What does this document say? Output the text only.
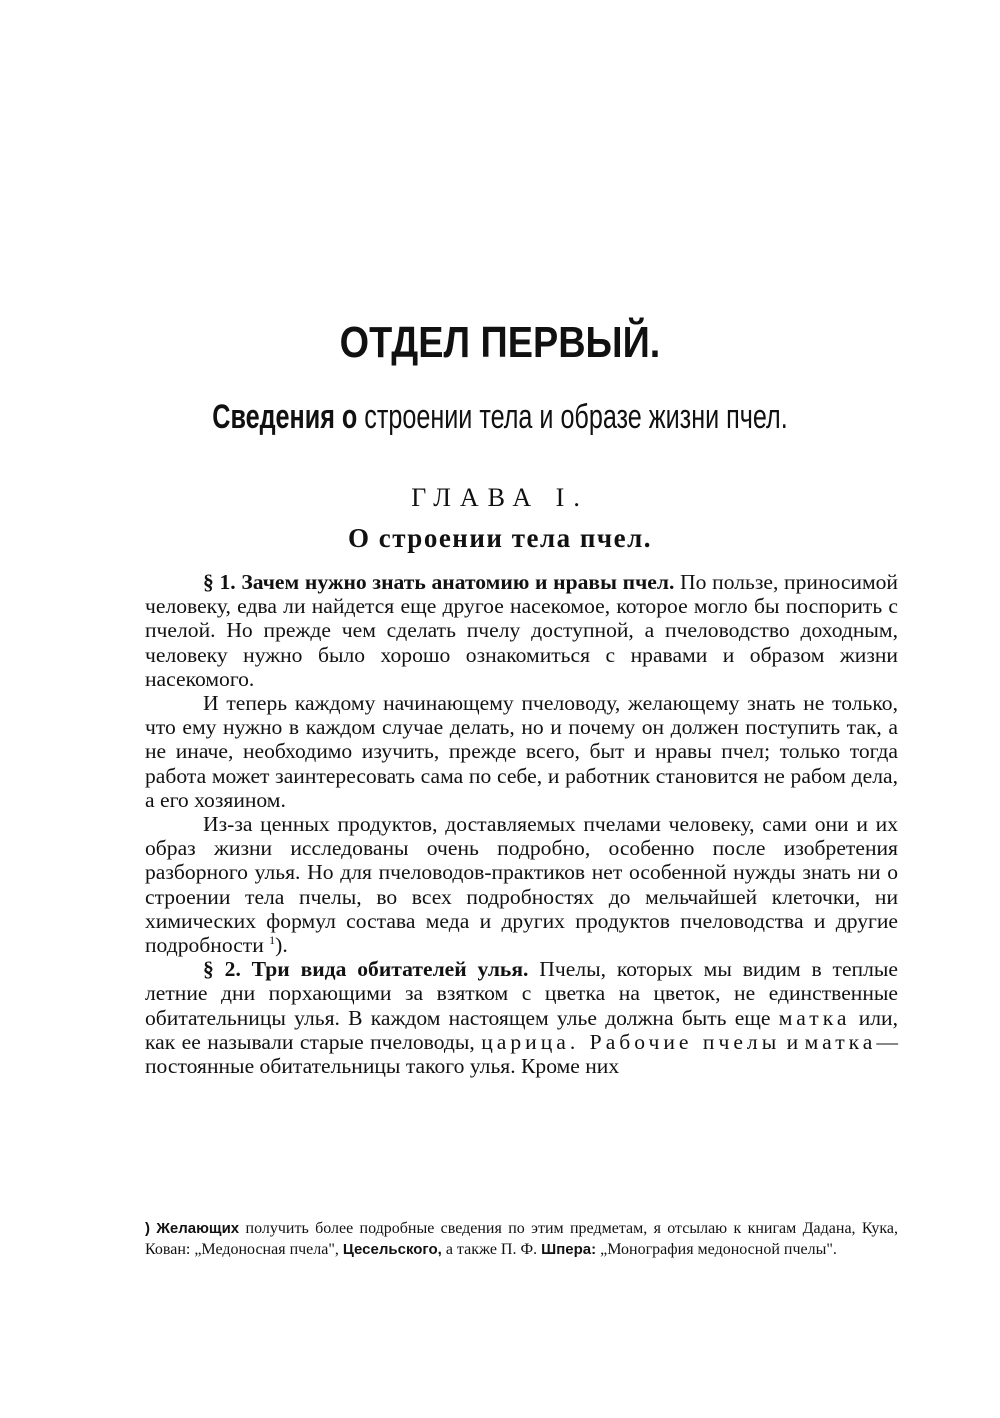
ОТДЕЛ ПЕРВЫЙ.
Сведения о строении тела и образе жизни пчел.
ГЛАВА I.
О строении тела пчел.

§ 1. Зачем нужно знать анатомию и нравы пчел. По пользе, приносимой человеку, едва ли найдется еще другое насекомое, которое могло бы поспорить с пчелой. Но прежде чем сделать пчелу доступной, а пчеловодство доходным, человеку нужно было хорошо ознакомиться с нравами и образом жизни насекомого.

И теперь каждому начинающему пчеловоду, желающему знать не только, что ему нужно в каждом случае делать, но и почему он должен поступить так, а не иначе, необходимо изучить, прежде всего, быт и нравы пчел; только тогда работа может заинтересовать сама по себе, и работник становится не рабом дела, а его хозяином.

Из-за ценных продуктов, доставляемых пчелами человеку, сами они и их образ жизни исследованы очень подробно, особенно после изобретения разборного улья. Но для пчеловодов-практиков нет особенной нужды знать ни о строении тела пчелы, во всех подробностях до мельчайшей клеточки, ни химических формул состава меда и других продуктов пчеловодства и другие подробности $^1$).

§ 2. Три вида обитателей улья. Пчелы, которых мы видим в теплые летние дни порхающими за взятком с цветка на цветок, не единственные обитательницы улья. В каждом настоящем улье должна быть еще матка или, как ее называли старые пчеловоды, царица. Рабочие пчелы и матка— постоянные обитательницы такого улья. Кроме них

) Желающих получить более подробные сведения по этим предметам, я отсылаю к книгам Дадана, Кука, Кован: „Медоносная пчела", Цесельского, а также П. Ф. Шпера: „Монография медоносной пчелы".
